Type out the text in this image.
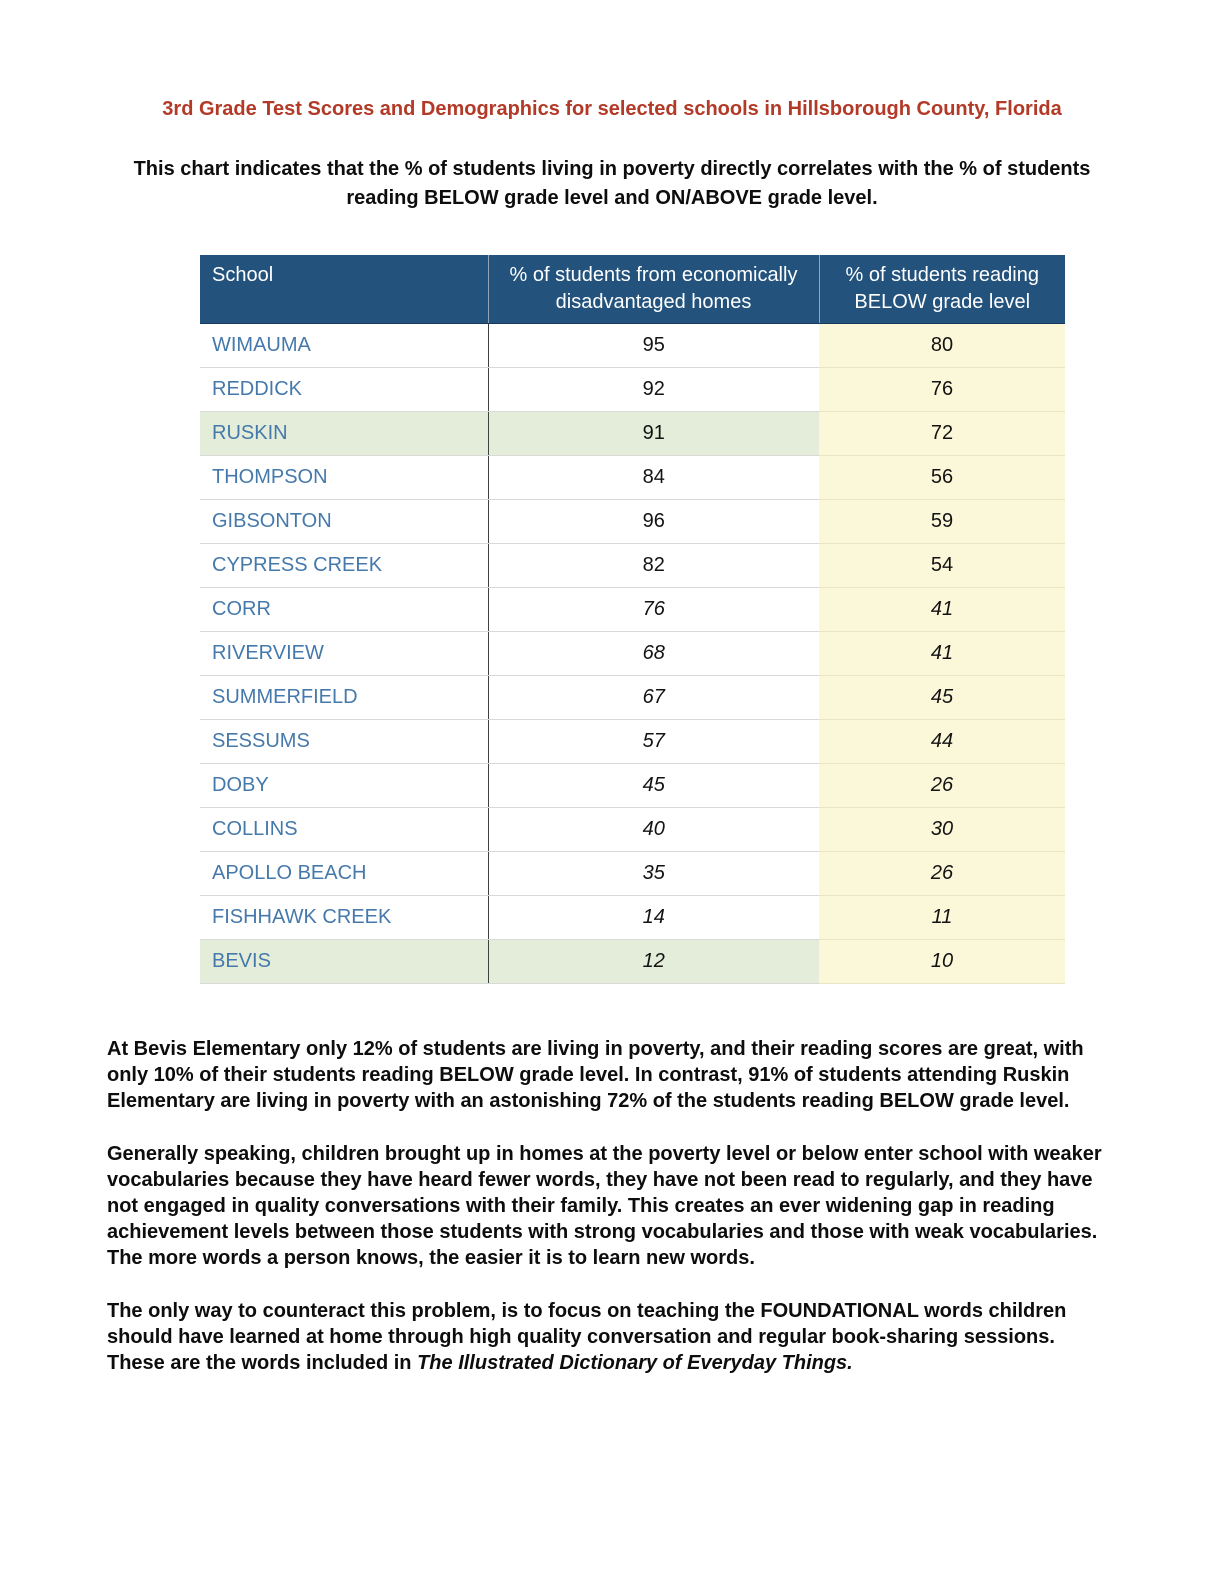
3rd Grade Test Scores and Demographics for selected schools in Hillsborough County, Florida

This chart indicates that the % of students living in poverty directly correlates with the % of students reading BELOW grade level and ON/ABOVE grade level.

School	% of students from economically disadvantaged homes	% of students reading BELOW grade level
WIMAUMA	95	80
REDDICK	92	76
RUSKIN	91	72
THOMPSON	84	56
GIBSONTON	96	59
CYPRESS CREEK	82	54
CORR	76	41
RIVERVIEW	68	41
SUMMERFIELD	67	45
SESSUMS	57	44
DOBY	45	26
COLLINS	40	30
APOLLO BEACH	35	26
FISHHAWK CREEK	14	11
BEVIS	12	10

At Bevis Elementary only 12% of students are living in poverty, and their reading scores are great, with only 10% of their students reading BELOW grade level. In contrast, 91% of students attending Ruskin Elementary are living in poverty with an astonishing 72% of the students reading BELOW grade level.

Generally speaking, children brought up in homes at the poverty level or below enter school with weaker vocabularies because they have heard fewer words, they have not been read to regularly, and they have not engaged in quality conversations with their family. This creates an ever widening gap in reading achievement levels between those students with strong vocabularies and those with weak vocabularies. The more words a person knows, the easier it is to learn new words.

The only way to counteract this problem, is to focus on teaching the FOUNDATIONAL words children should have learned at home through high quality conversation and regular book-sharing sessions. These are the words included in The Illustrated Dictionary of Everyday Things.
